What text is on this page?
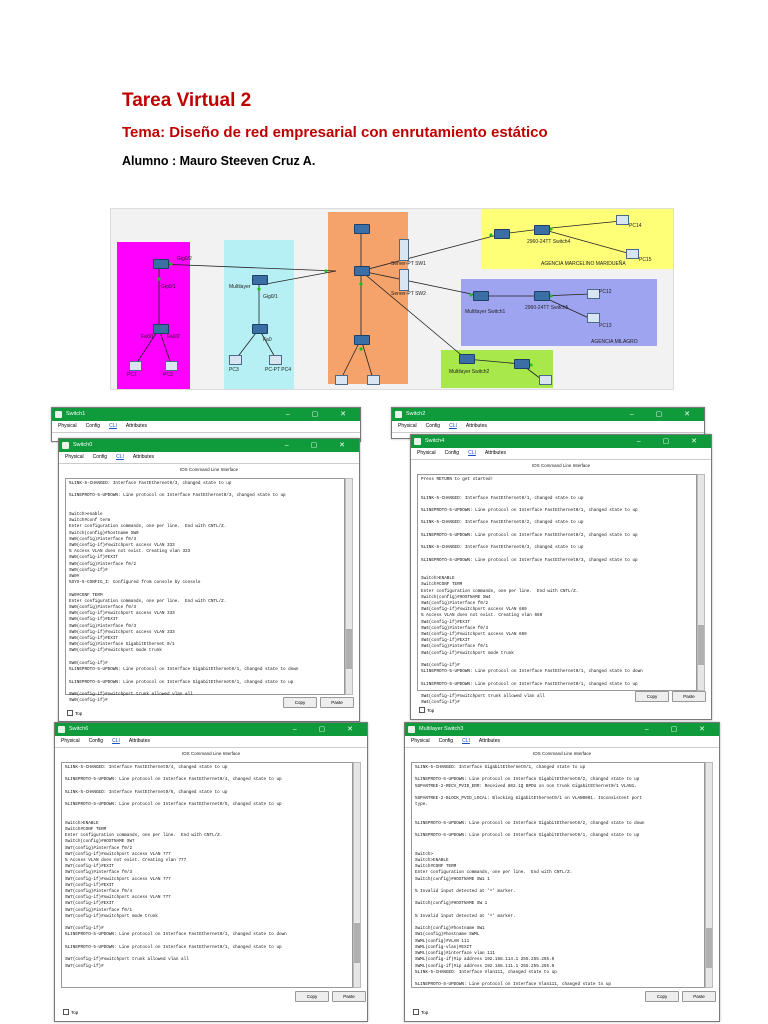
Tarea Virtual 2
Tema: Diseño de red empresarial con enrutamiento estático

Alumno : Mauro Steeven Cruz A.

Gig0/2
Gig0/1
Fa0/1	Fa0/2
PC1	PC2
Multilayer
Gig0/1
Fa0
PC3	PC-PT PC4
Server-PT SW1
Server-PT SW2
AGENCIA MARCELINO MARIDUEÑA
AGENCIA MILAGRO
Multilayer Switch1
Multilayer Switch2
2960-24TT Switch4
2960-24TT Switch5
PC12
PC13
PC14
PC15
Switch1	– ▢ ✕
Physical Config CLI Attributes
Switch0	– ▢ ✕
Physical Config CLI Attributes
IOS Command Line Interface
%LINK-5-CHANGED: Interface FastEthernet0/3, changed state to up

%LINEPROTO-5-UPDOWN: Line protocol on Interface FastEthernet0/3, changed state to up

Switch>enable
Switch#conf term
Enter configuration commands, one per line.  End with CNTL/Z.
Switch(config)#hostname SW0
SW0(config)#interface f0/3
SW0(config-if)#switchport access VLAN 333
% Access VLAN does not exist. Creating vlan 333
SW0(config-if)#EXIT
SW0(config)#interface f0/2
SW0(config-if)#
SW0#
%SYS-5-CONFIG_I: Configured from console by console

SW0#CONF TERM
Enter configuration commands, one per line.  End with CNTL/Z.
SW0(config)#interface f0/3
SW0(config-if)#switchport access VLAN 333
SW0(config-if)#EXIT
SW0(config)#interface f0/3
SW0(config-if)#switchport access VLAN 333
SW0(config-if)#EXIT
SW0(config)#interface GigabitEthernet 0/1
SW0(config-if)#switchport mode trunk

SW0(config-if)#
%LINEPROTO-5-UPDOWN: Line protocol on Interface GigabitEthernet0/1, changed state to down

%LINEPROTO-5-UPDOWN: Line protocol on Interface GigabitEthernet0/1, changed state to up

SW0(config-if)#switchport trunk allowed vlan all
SW0(config-if)#	Copy	Paste
Top
Switch2	– ▢ ✕
Physical Config CLI Attributes
Switch4	– ▢ ✕
Physical Config CLI Attributes
IOS Command Line Interface
Press RETURN to get started!

%LINK-5-CHANGED: Interface FastEthernet0/1, changed state to up

%LINEPROTO-5-UPDOWN: Line protocol on Interface FastEthernet0/1, changed state to up

%LINK-5-CHANGED: Interface FastEthernet0/2, changed state to up

%LINEPROTO-5-UPDOWN: Line protocol on Interface FastEthernet0/2, changed state to up

%LINK-5-CHANGED: Interface FastEthernet0/3, changed state to up

%LINEPROTO-5-UPDOWN: Line protocol on Interface FastEthernet0/3, changed state to up

Switch>ENABLE
Switch#CONF TERM
Enter configuration commands, one per line.  End with CNTL/Z.
Switch(config)#HOSTNAME SW4
SW4(config)#interface f0/2
SW4(config-if)#switchport access VLAN 669
% Access VLAN does not exist. Creating vlan 669
SW4(config-if)#EXIT
SW4(config)#interface f0/3
SW4(config-if)#switchport access VLAN 669
SW4(config-if)#EXIT
SW4(config)#interface f0/1
SW4(config-if)#switchport mode trunk

SW4(config-if)#
%LINEPROTO-5-UPDOWN: Line protocol on Interface FastEthernet0/1, changed state to down

%LINEPROTO-5-UPDOWN: Line protocol on Interface FastEthernet0/1, changed state to up

SW4(config-if)#switchport trunk allowed vlan all
SW4(config-if)#
Copy	Paste
Top
Switch6	– ▢ ✕
Physical Config CLI Attributes
IOS Command Line Interface
%LINK-5-CHANGED: Interface FastEthernet0/4, changed state to up

%LINEPROTO-5-UPDOWN: Line protocol on Interface FastEthernet0/4, changed state to up

%LINK-5-CHANGED: Interface FastEthernet0/5, changed state to up

%LINEPROTO-5-UPDOWN: Line protocol on Interface FastEthernet0/5, changed state to up

Switch>ENABLE
Switch#CONF TERM
Enter configuration commands, one per line.  End with CNTL/Z.
Switch(config)#HOSTNAME SW7
SW7(config)#interface f0/2
SW7(config-if)#switchport access VLAN 777
% Access VLAN does not exist. Creating vlan 777
SW7(config-if)#EXIT
SW7(config)#interface f0/3
SW7(config-if)#switchport access VLAN 777
SW7(config-if)#EXIT
SW7(config)#interface f0/4
SW7(config-if)#switchport access VLAN 777
SW7(config-if)#EXIT
SW7(config)#interface f0/1
SW7(config-if)#switchport mode trunk

SW7(config-if)#
%LINEPROTO-5-UPDOWN: Line protocol on Interface FastEthernet0/1, changed state to down

%LINEPROTO-5-UPDOWN: Line protocol on Interface FastEthernet0/1, changed state to up

SW7(config-if)#switchport trunk allowed vlan all
SW7(config-if)#
Copy	Paste
Top
Multilayer Switch3	– ▢ ✕
Physical Config CLI Attributes
IOS Command Line Interface
%LINK-5-CHANGED: Interface GigabitEthernet0/1, changed state to up

%LINEPROTO-5-UPDOWN: Line protocol on Interface GigabitEthernet0/2, changed state to up
%SPANTREE-2-RECV_PVID_ERR: Received 802.1Q BPDU on non trunk GigabitEthernet0/1 VLAN1.

%SPANTREE-2-BLOCK_PVID_LOCAL: Blocking GigabitEthernet0/1 on VLAN0001. Inconsistent port
type.

%LINEPROTO-5-UPDOWN: Line protocol on Interface GigabitEthernet0/2, changed state to down

%LINEPROTO-5-UPDOWN: Line protocol on Interface GigabitEthernet0/1, changed state to up

Switch>
Switch>ENABLE
Switch#CONF TERM
Enter configuration commands, one per line.  End with CNTL/Z.
Switch(config)#HOSTNAME SW1 1

% Invalid input detected at '^' marker.

Switch(config)#HOSTNAME SW 1

% Invalid input detected at '^' marker.

Switch(config)#hostname SW1
SW1(config)#hostname SWML
SWML(config)#VLAN 111
SWML(config-vlan)#EXIT
SWML(config)#interface vlan 111
SWML(config-if)#ip address 192.168.114.1 255.255.255.0
SWML(config-if)#ip address 192.168.111.1 255.255.255.0
%LINK-5-CHANGED: Interface Vlan111, changed state to up

%LINEPROTO-5-UPDOWN: Line protocol on Interface Vlan111, changed state to up
Copy	Paste
Top
